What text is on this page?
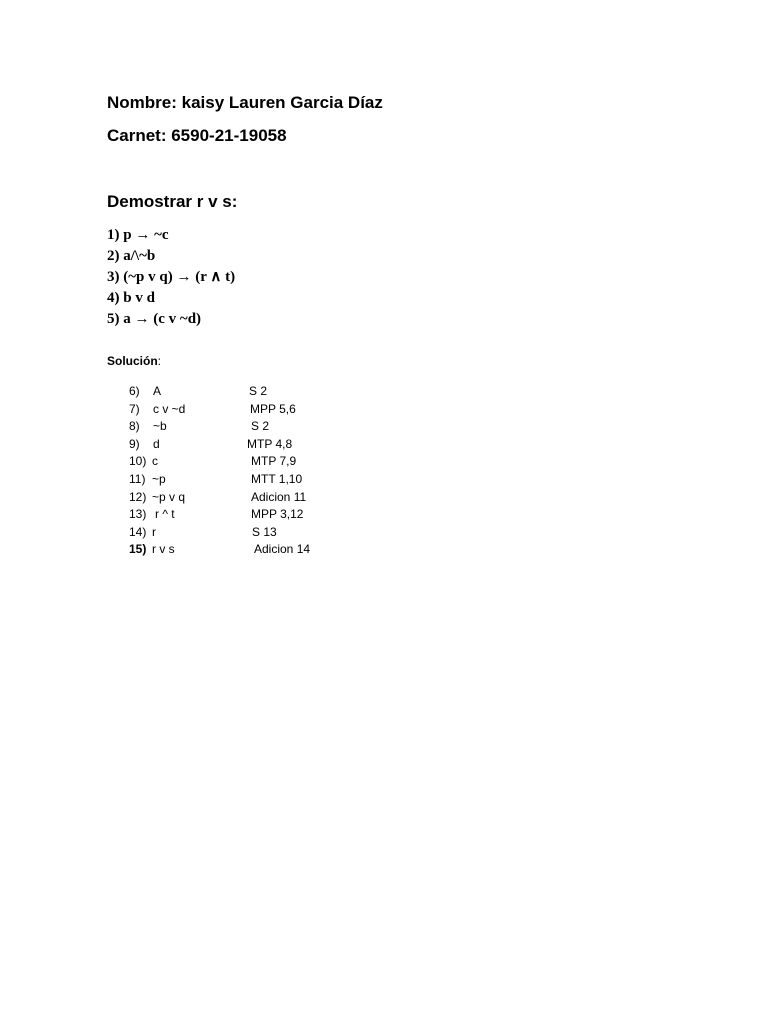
Nombre: kaisy Lauren Garcia Díaz
Carnet: 6590-21-19058
Demostrar r v s:
1) p → ~c
2) a/\~b
3) (~p v q) → (r ∧ t)
4) b v d
5) a → (c v ~d)
Solución:
6) A	S 2
7) c v ~d	MPP 5,6
8) ~b	S 2
9) d	MTP 4,8
10) c	MTP 7,9
11) ~p	MTT 1,10
12) ~p v q	Adicion 11
13) r ^ t	MPP 3,12
14) r	S 13
15) r v s	Adicion 14
